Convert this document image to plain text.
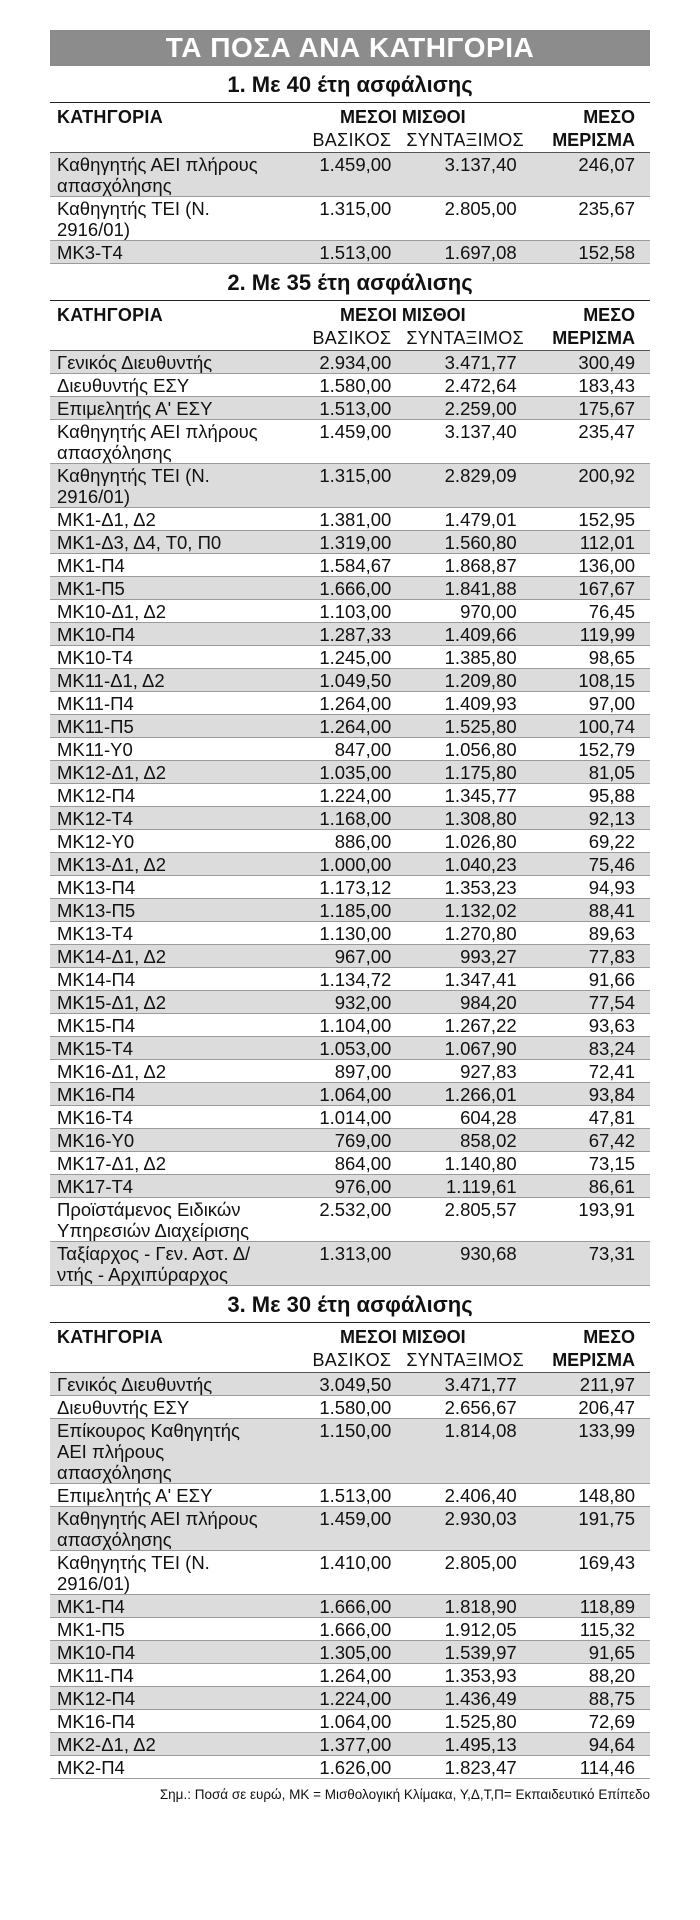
ΤΑ ΠΟΣΑ ΑΝΑ ΚΑΤΗΓΟΡΙΑ
1. Με 40 έτη ασφάλισης
ΚΑΤΗΓΟΡΙΑ	ΜΕΣΟΙ ΜΙΣΘΟΙ		ΜΕΣΟ
	ΒΑΣΙΚΟΣ	ΣΥΝΤΑΞΙΜΟΣ	ΜΕΡΙΣΜΑ
Καθηγητής ΑΕΙ πλήρους απασχόλησης	1.459,00	3.137,40	246,07
Καθηγητής ΤΕΙ (Ν. 2916/01)	1.315,00	2.805,00	235,67
ΜΚ3-Τ4	1.513,00	1.697,08	152,58
2. Με 35 έτη ασφάλισης
ΚΑΤΗΓΟΡΙΑ	ΜΕΣΟΙ ΜΙΣΘΟΙ		ΜΕΣΟ
	ΒΑΣΙΚΟΣ	ΣΥΝΤΑΞΙΜΟΣ	ΜΕΡΙΣΜΑ
Γενικός Διευθυντής	2.934,00	3.471,77	300,49
Διευθυντής ΕΣΥ	1.580,00	2.472,64	183,43
Επιμελητής Α' ΕΣΥ	1.513,00	2.259,00	175,67
Καθηγητής ΑΕΙ πλήρους απασχόλησης	1.459,00	3.137,40	235,47
Καθηγητής ΤΕΙ (Ν. 2916/01)	1.315,00	2.829,09	200,92
ΜΚ1-Δ1, Δ2	1.381,00	1.479,01	152,95
ΜΚ1-Δ3, Δ4, Τ0, Π0	1.319,00	1.560,80	112,01
ΜΚ1-Π4	1.584,67	1.868,87	136,00
ΜΚ1-Π5	1.666,00	1.841,88	167,67
ΜΚ10-Δ1, Δ2	1.103,00	970,00	76,45
ΜΚ10-Π4	1.287,33	1.409,66	119,99
ΜΚ10-Τ4	1.245,00	1.385,80	98,65
ΜΚ11-Δ1, Δ2	1.049,50	1.209,80	108,15
ΜΚ11-Π4	1.264,00	1.409,93	97,00
ΜΚ11-Π5	1.264,00	1.525,80	100,74
ΜΚ11-Υ0	847,00	1.056,80	152,79
ΜΚ12-Δ1, Δ2	1.035,00	1.175,80	81,05
ΜΚ12-Π4	1.224,00	1.345,77	95,88
ΜΚ12-Τ4	1.168,00	1.308,80	92,13
ΜΚ12-Υ0	886,00	1.026,80	69,22
ΜΚ13-Δ1, Δ2	1.000,00	1.040,23	75,46
ΜΚ13-Π4	1.173,12	1.353,23	94,93
ΜΚ13-Π5	1.185,00	1.132,02	88,41
ΜΚ13-Τ4	1.130,00	1.270,80	89,63
ΜΚ14-Δ1, Δ2	967,00	993,27	77,83
ΜΚ14-Π4	1.134,72	1.347,41	91,66
ΜΚ15-Δ1, Δ2	932,00	984,20	77,54
ΜΚ15-Π4	1.104,00	1.267,22	93,63
ΜΚ15-Τ4	1.053,00	1.067,90	83,24
ΜΚ16-Δ1, Δ2	897,00	927,83	72,41
ΜΚ16-Π4	1.064,00	1.266,01	93,84
ΜΚ16-Τ4	1.014,00	604,28	47,81
ΜΚ16-Υ0	769,00	858,02	67,42
ΜΚ17-Δ1, Δ2	864,00	1.140,80	73,15
ΜΚ17-Τ4	976,00	1.119,61	86,61
Προϊστάμενος Ειδικών Υπηρεσιών Διαχείρισης	2.532,00	2.805,57	193,91
Ταξίαρχος - Γεν. Αστ. Δ/ντής - Αρχιπύραρχος	1.313,00	930,68	73,31
3. Με 30 έτη ασφάλισης
ΚΑΤΗΓΟΡΙΑ	ΜΕΣΟΙ ΜΙΣΘΟΙ		ΜΕΣΟ
	ΒΑΣΙΚΟΣ	ΣΥΝΤΑΞΙΜΟΣ	ΜΕΡΙΣΜΑ
Γενικός Διευθυντής	3.049,50	3.471,77	211,97
Διευθυντής ΕΣΥ	1.580,00	2.656,67	206,47
Επίκουρος Καθηγητής ΑΕΙ πλήρους απασχόλησης	1.150,00	1.814,08	133,99
Επιμελητής Α' ΕΣΥ	1.513,00	2.406,40	148,80
Καθηγητής ΑΕΙ πλήρους απασχόλησης	1.459,00	2.930,03	191,75
Καθηγητής ΤΕΙ (Ν. 2916/01)	1.410,00	2.805,00	169,43
ΜΚ1-Π4	1.666,00	1.818,90	118,89
ΜΚ1-Π5	1.666,00	1.912,05	115,32
ΜΚ10-Π4	1.305,00	1.539,97	91,65
ΜΚ11-Π4	1.264,00	1.353,93	88,20
ΜΚ12-Π4	1.224,00	1.436,49	88,75
ΜΚ16-Π4	1.064,00	1.525,80	72,69
ΜΚ2-Δ1, Δ2	1.377,00	1.495,13	94,64
ΜΚ2-Π4	1.626,00	1.823,47	114,46
Σημ.: Ποσά σε ευρώ, ΜΚ = Μισθολογική Κλίμακα, Υ,Δ,Τ,Π= Εκπαιδευτικό Επίπεδο
